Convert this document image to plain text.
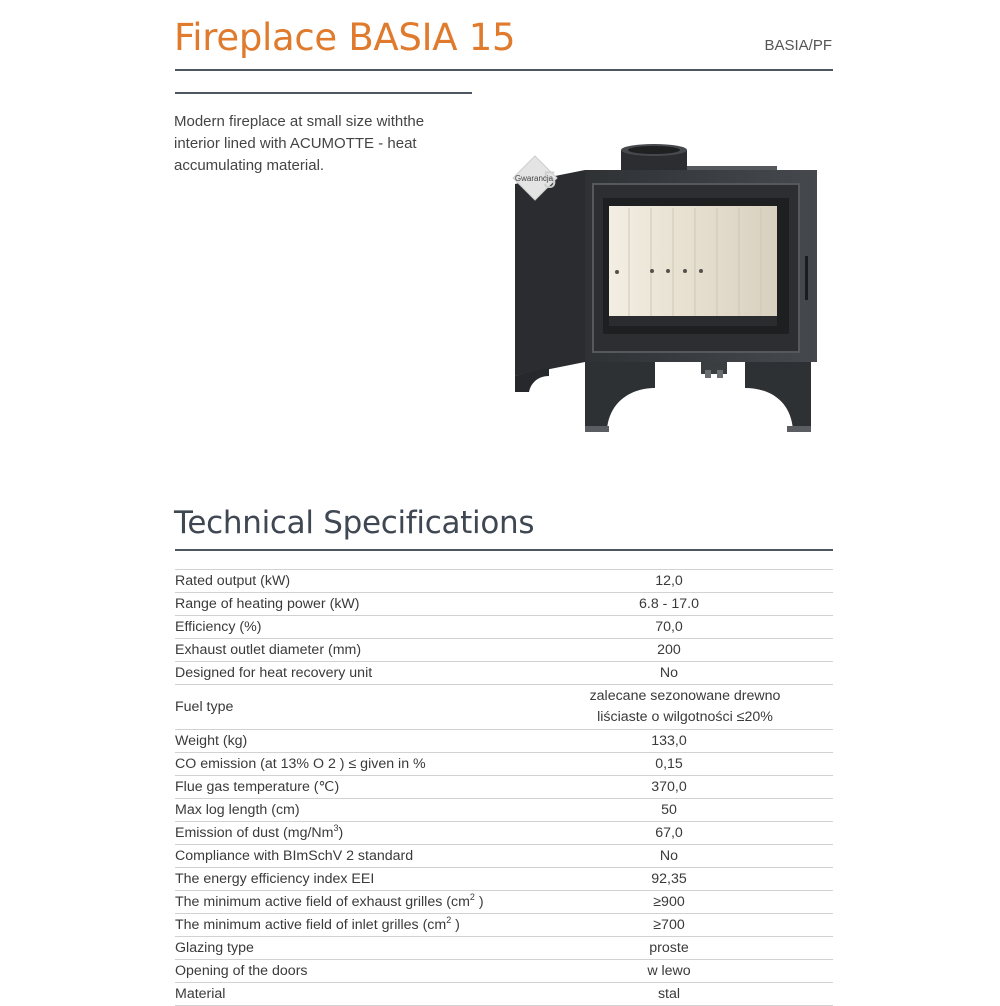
Fireplace BASIA 15	BASIA/PF
Modern fireplace at small size withthe interior lined with ACUMOTTE - heat accumulating material.
5
Gwarancja
Technical Specifications
Rated output (kW)	12,0
Range of heating power (kW)	6.8 - 17.0
Efficiency (%)	70,0
Exhaust outlet diameter (mm)	200
Designed for heat recovery unit	No
Fuel type	zalecane sezonowane drewno liściaste o wilgotności ≤20%
Weight (kg)	133,0
CO emission (at 13% O 2 ) ≤ given in %	0,15
Flue gas temperature (℃)	370,0
Max log length (cm)	50
Emission of dust (mg/Nm$^3$)	67,0
Compliance with BImSchV 2 standard	No
The energy efficiency index EEI	92,35
The minimum active field of exhaust grilles ($cm^2$ )	≥900
The minimum active field of inlet grilles ($cm^2$ )	≥700
Glazing type	proste
Opening of the doors	w lewo
Material	stal
